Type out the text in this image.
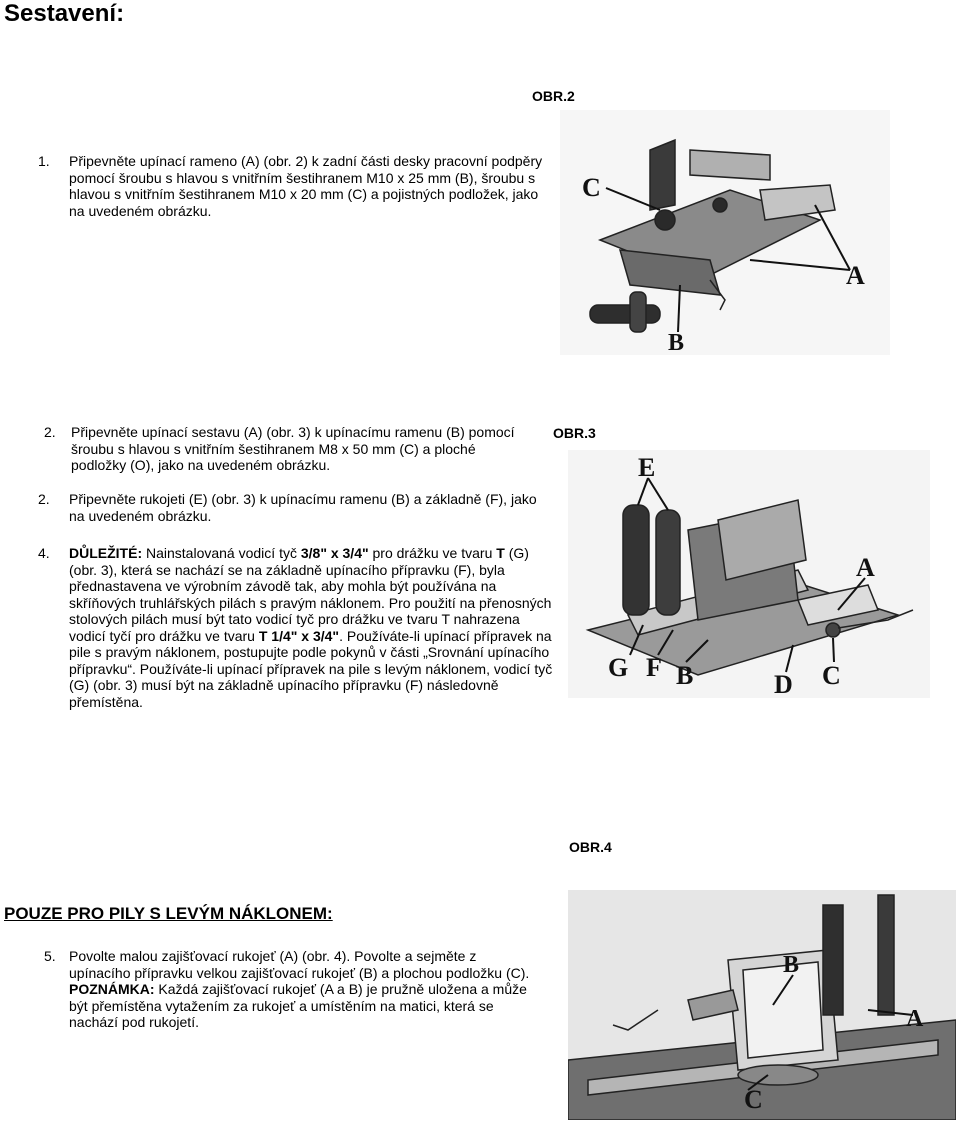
Sestavení:
OBR.2
1. Připevněte upínací rameno (A) (obr. 2) k zadní části desky pracovní podpěry pomocí šroubu s hlavou s vnitřním šestihranem M10 x 25 mm (B), šroubu s hlavou s vnitřním šestihranem M10 x 20 mm (C) a pojistných podložek, jako na uvedeném obrázku.
C
A
B
2. Připevněte upínací sestavu (A) (obr. 3) k upínacímu ramenu (B) pomocí šroubu s hlavou s vnitřním šestihranem M8 x 50 mm (C) a ploché podložky (O), jako na uvedeném obrázku.
OBR.3
2. Připevněte rukojeti (E) (obr. 3) k upínacímu ramenu (B) a základně (F), jako na uvedeném obrázku.
4. DŮLEŽITÉ: Nainstalovaná vodicí tyč 3/8" x 3/4" pro drážku ve tvaru T (G) (obr. 3), která se nachází se na základně upínacího přípravku (F), byla přednastavena ve výrobním závodě tak, aby mohla být používána na skříňových truhlářských pilách s pravým náklonem. Pro použití na přenosných stolových pilách musí být tato vodicí tyč pro drážku ve tvaru T nahrazena vodicí tyčí pro drážku ve tvaru T 1/4" x 3/4". Používáte-li upínací přípravek na pile s pravým náklonem, postupujte podle pokynů v části „Srovnání upínacího přípravku“. Používáte-li upínací přípravek na pile s levým náklonem, vodicí tyč (G) (obr. 3) musí být na základně upínacího přípravku (F) následovně přemístěna.
E
A
G F B	D C
OBR.4
POUZE PRO PILY S LEVÝM NÁKLONEM:
5. Povolte malou zajišťovací rukojeť (A) (obr. 4). Povolte a sejměte z upínacího přípravku velkou zajišťovací rukojeť (B) a plochou podložku (C).
POZNÁMKA: Každá zajišťovací rukojeť (A a B) je pružně uložena a může být přemístěna vytažením za rukojeť a umístěním na matici, která se nachází pod rukojetí.
B
A
C
